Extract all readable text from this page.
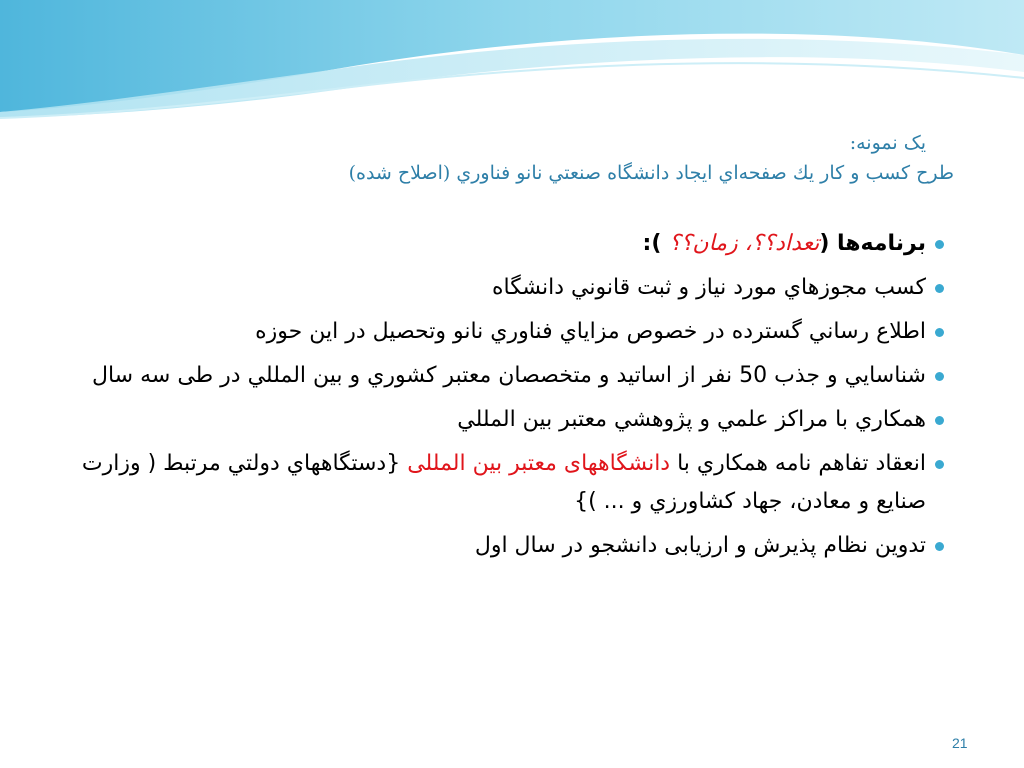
یک نمونه:
طرح كسب و كار يك صفحه‌اي ايجاد دانشگاه صنعتي نانو فناوري (اصلاح شده)
برنامه‌ها (تعداد؟؟، زمان؟؟ ):
كسب مجوزهاي مورد نياز و ثبت قانوني دانشگاه
اطلاع رساني گسترده در خصوص مزاياي فناوري نانو وتحصيل در اين حوزه
شناسايي و جذب 50 نفر از اساتيد و متخصصان معتبر كشوري و بين المللي در طی سه سال
همكاري با مراكز علمي و پژوهشي معتبر بين المللي
انعقاد تفاهم نامه همكاري با دانشگاههای معتبر بين المللی {دستگاههاي دولتي مرتبط ( وزارت صنايع و معادن، جهاد كشاورزي و ... )}
تدوين نظام پذيرش و ارزيابی دانشجو در سال اول
21
